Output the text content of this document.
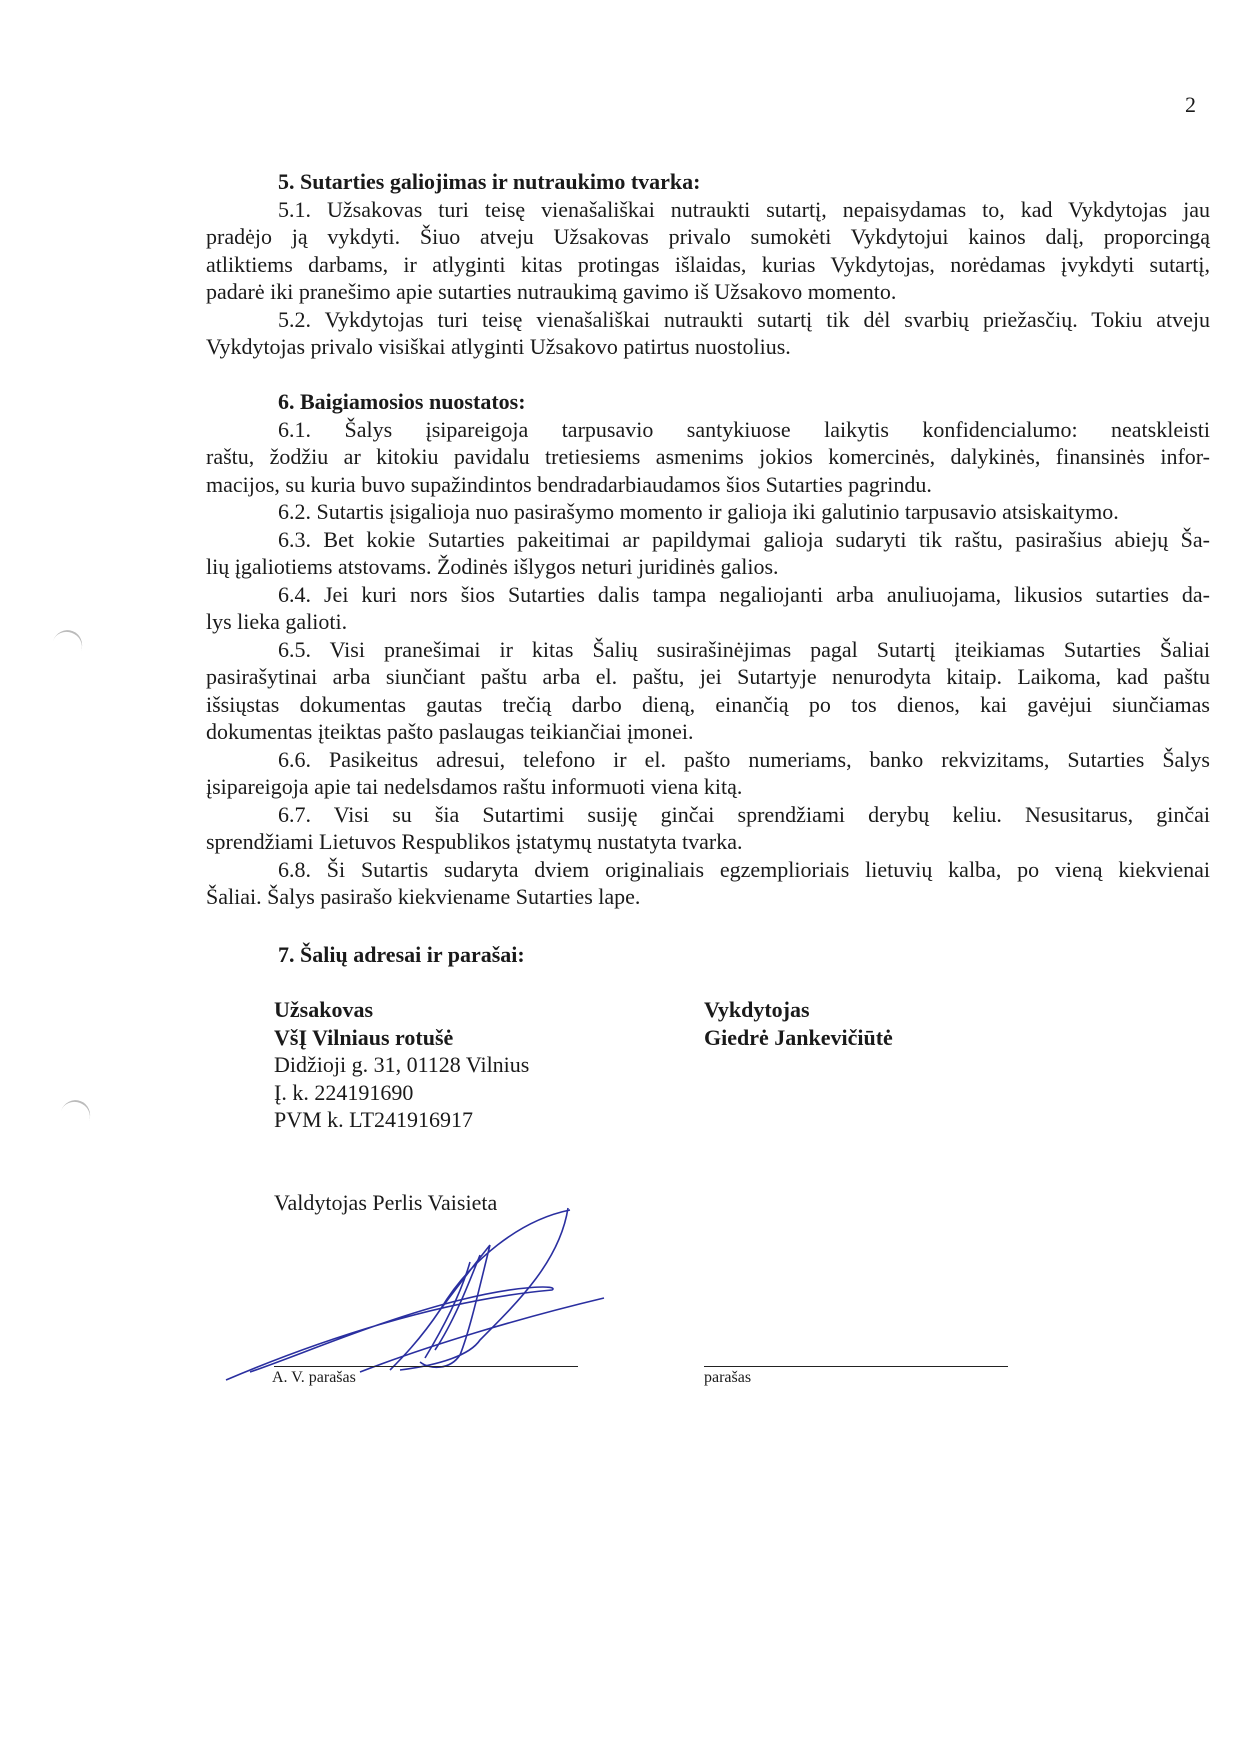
2
5. Sutarties galiojimas ir nutraukimo tvarka:
5.1. Užsakovas turi teisę vienašališkai nutraukti sutartį, nepaisydamas to, kad Vykdytojas jau
pradėjo ją vykdyti. Šiuo atveju Užsakovas privalo sumokėti Vykdytojui kainos dalį, proporcingą
atliktiems darbams, ir atlyginti kitas protingas išlaidas, kurias Vykdytojas, norėdamas įvykdyti sutartį,
padarė iki pranešimo apie sutarties nutraukimą gavimo iš Užsakovo momento.
5.2. Vykdytojas turi teisę vienašališkai nutraukti sutartį tik dėl svarbių priežasčių. Tokiu atveju
Vykdytojas privalo visiškai atlyginti Užsakovo patirtus nuostolius.
6. Baigiamosios nuostatos:
6.1. Šalys įsipareigoja tarpusavio santykiuose laikytis konfidencialumo: neatskleisti
raštu, žodžiu ar kitokiu pavidalu tretiesiems asmenims jokios komercinės, dalykinės, finansinės infor-
macijos, su kuria buvo supažindintos bendradarbiaudamos šios Sutarties pagrindu.
6.2. Sutartis įsigalioja nuo pasirašymo momento ir galioja iki galutinio tarpusavio atsiskaitymo.
6.3. Bet kokie Sutarties pakeitimai ar papildymai galioja sudaryti tik raštu, pasirašius abiejų Ša-
lių įgaliotiems atstovams. Žodinės išlygos neturi juridinės galios.
6.4. Jei kuri nors šios Sutarties dalis tampa negaliojanti arba anuliuojama, likusios sutarties da-
lys lieka galioti.
6.5. Visi pranešimai ir kitas Šalių susirašinėjimas pagal Sutartį įteikiamas Sutarties Šaliai
pasirašytinai arba siunčiant paštu arba el. paštu, jei Sutartyje nenurodyta kitaip. Laikoma, kad paštu
išsiųstas dokumentas gautas trečią darbo dieną, einančią po tos dienos, kai gavėjui siunčiamas
dokumentas įteiktas pašto paslaugas teikiančiai įmonei.
6.6. Pasikeitus adresui, telefono ir el. pašto numeriams, banko rekvizitams, Sutarties Šalys
įsipareigoja apie tai nedelsdamos raštu informuoti viena kitą.
6.7. Visi su šia Sutartimi susiję ginčai sprendžiami derybų keliu. Nesusitarus, ginčai
sprendžiami Lietuvos Respublikos įstatymų nustatyta tvarka.
6.8. Ši Sutartis sudaryta dviem originaliais egzemplioriais lietuvių kalba, po vieną kiekvienai
Šaliai. Šalys pasirašo kiekviename Sutarties lape.
7. Šalių adresai ir parašai:
Užsakovas
VšĮ Vilniaus rotušė
Didžioji g. 31, 01128 Vilnius
Į. k. 224191690
PVM k. LT241916917
Valdytojas Perlis Vaisieta
Vykdytojas
Giedrė Jankevičiūtė
A. V. parašas	parašas
